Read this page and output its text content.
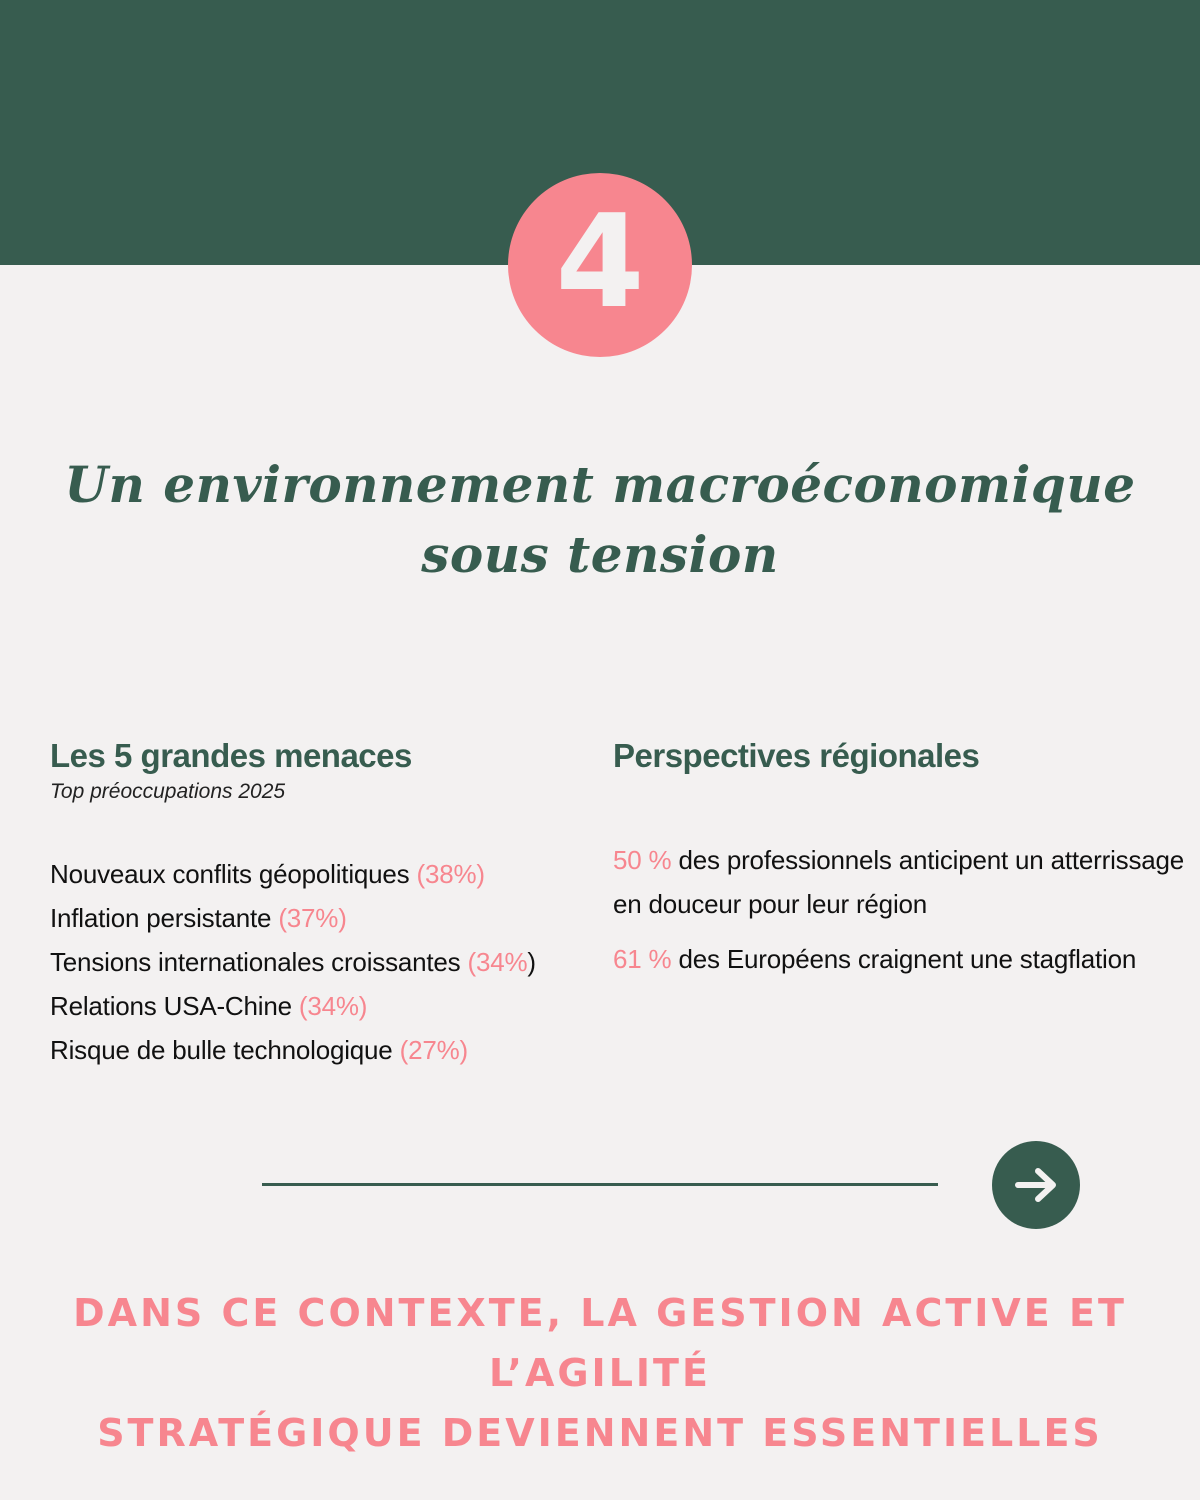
4
Un environnement macroéconomique
sous tension
Les 5 grandes menaces

Top préoccupations 2025

Nouveaux conflits géopolitiques (38%)
Inflation persistante (37%)
Tensions internationales croissantes (34%)
Relations USA-Chine (34%)
Risque de bulle technologique (27%)
Perspectives régionales
50 % des professionnels anticipent un atterrissage en douceur pour leur région
61 % des Européens craignent une stagflation

DANS CE CONTEXTE, LA GESTION ACTIVE ET L’AGILITÉ
STRATÉGIQUE DEVIENNENT ESSENTIELLES
